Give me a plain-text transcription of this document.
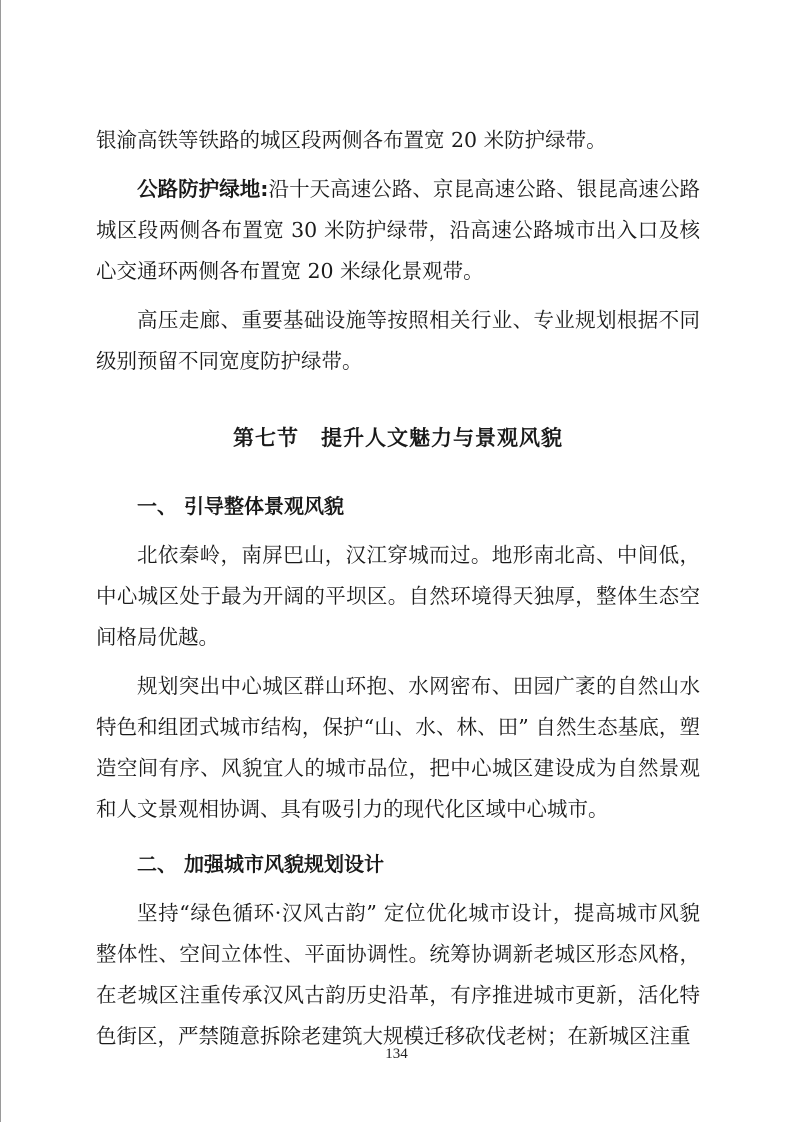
银渝高铁等铁路的城区段两侧各布置宽 20 米防护绿带。

公路防护绿地:沿十天高速公路、京昆高速公路、银昆高速公路城区段两侧各布置宽 30 米防护绿带，沿高速公路城市出入口及核心交通环两侧各布置宽 20 米绿化景观带。

高压走廊、重要基础设施等按照相关行业、专业规划根据不同级别预留不同宽度防护绿带。

第七节 提升人文魅力与景观风貌
一、 引导整体景观风貌

北依秦岭，南屏巴山，汉江穿城而过。地形南北高、中间低，中心城区处于最为开阔的平坝区。自然环境得天独厚，整体生态空间格局优越。

规划突出中心城区群山环抱、水网密布、田园广袤的自然山水特色和组团式城市结构，保护“山、水、林、田” 自然生态基底，塑造空间有序、风貌宜人的城市品位，把中心城区建设成为自然景观和人文景观相协调、具有吸引力的现代化区域中心城市。

二、 加强城市风貌规划设计

坚持“绿色循环·汉风古韵” 定位优化城市设计，提高城市风貌整体性、空间立体性、平面协调性。统筹协调新老城区形态风格，在老城区注重传承汉风古韵历史沿革，有序推进城市更新，活化特色街区，严禁随意拆除老建筑大规模迁移砍伐老树；在新城区注重

134
